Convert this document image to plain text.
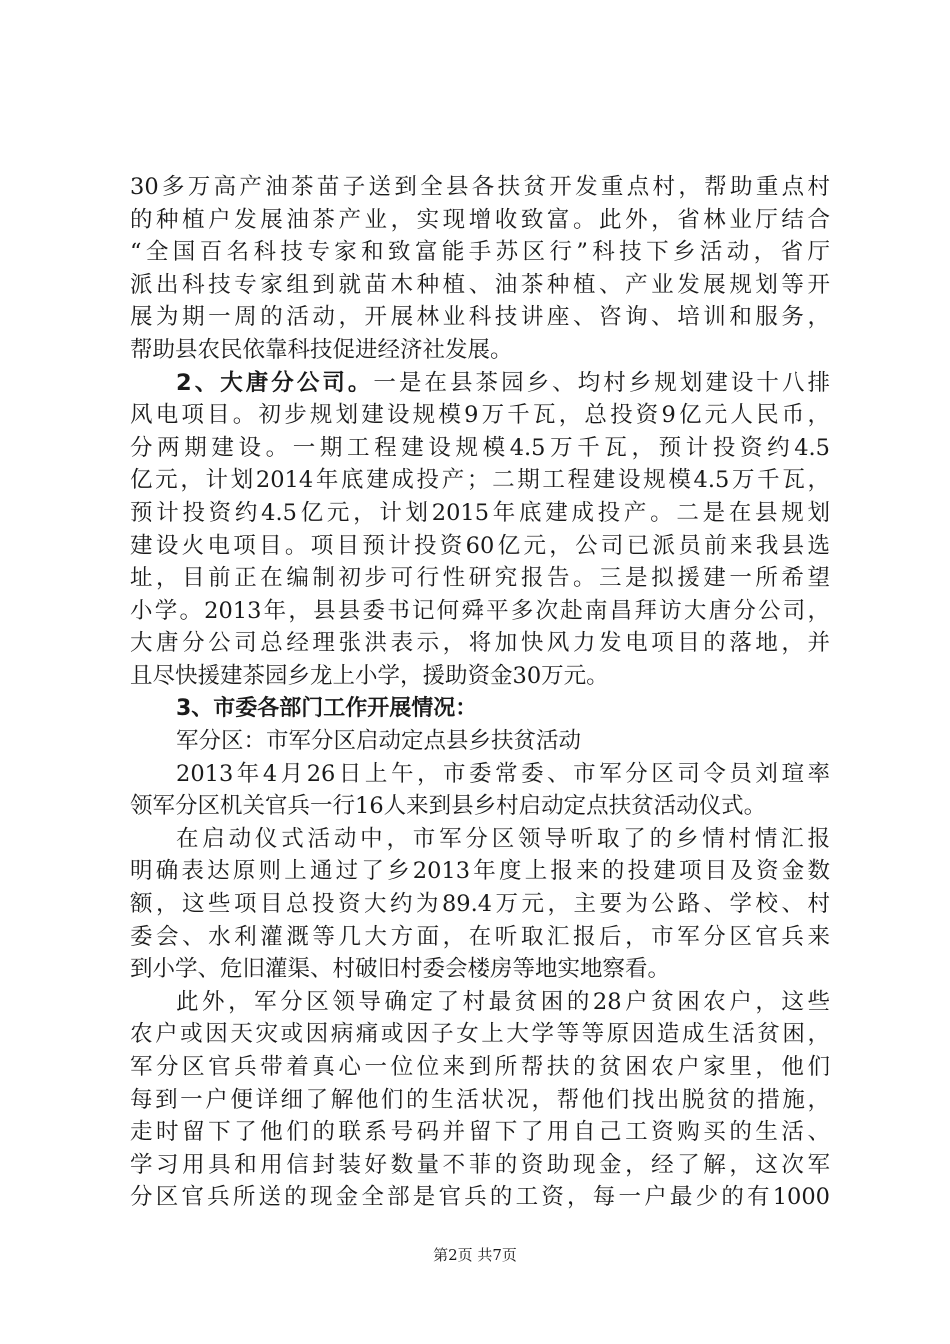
30多万高产油茶苗子送到全县各扶贫开发重点村，帮助重点村
的种植户发展油茶产业，实现增收致富。此外，省林业厅结合
“全国百名科技专家和致富能手苏区行”科技下乡活动，省厅
派出科技专家组到就苗木种植、油茶种植、产业发展规划等开
展为期一周的活动，开展林业科技讲座、咨询、培训和服务，
帮助县农民依靠科技促进经济社发展。
2、大唐分公司。一是在县茶园乡、均村乡规划建设十八排
风电项目。初步规划建设规模9万千瓦，总投资9亿元人民币，
分两期建设。一期工程建设规模4.5万千瓦，预计投资约4.5
亿元，计划2014年底建成投产；二期工程建设规模4.5万千瓦，
预计投资约4.5亿元，计划2015年底建成投产。二是在县规划
建设火电项目。项目预计投资60亿元，公司已派员前来我县选
址，目前正在编制初步可行性研究报告。三是拟援建一所希望
小学。2013年，县县委书记何舜平多次赴南昌拜访大唐分公司，
大唐分公司总经理张洪表示，将加快风力发电项目的落地，并
且尽快援建茶园乡龙上小学，援助资金30万元。
3、市委各部门工作开展情况：
军分区：市军分区启动定点县乡扶贫活动
2013年4月26日上午，市委常委、市军分区司令员刘瑄率
领军分区机关官兵一行16人来到县乡村启动定点扶贫活动仪式。
在启动仪式活动中，市军分区领导听取了的乡情村情汇报
明确表达原则上通过了乡2013年度上报来的投建项目及资金数
额，这些项目总投资大约为89.4万元，主要为公路、学校、村
委会、水利灌溉等几大方面，在听取汇报后，市军分区官兵来
到小学、危旧灌渠、村破旧村委会楼房等地实地察看。
此外，军分区领导确定了村最贫困的28户贫困农户，这些
农户或因天灾或因病痛或因子女上大学等等原因造成生活贫困，
军分区官兵带着真心一位位来到所帮扶的贫困农户家里，他们
每到一户便详细了解他们的生活状况，帮他们找出脱贫的措施，
走时留下了他们的联系号码并留下了用自己工资购买的生活、
学习用具和用信封装好数量不菲的资助现金，经了解，这次军
分区官兵所送的现金全部是官兵的工资，每一户最少的有1000
第2页 共7页
